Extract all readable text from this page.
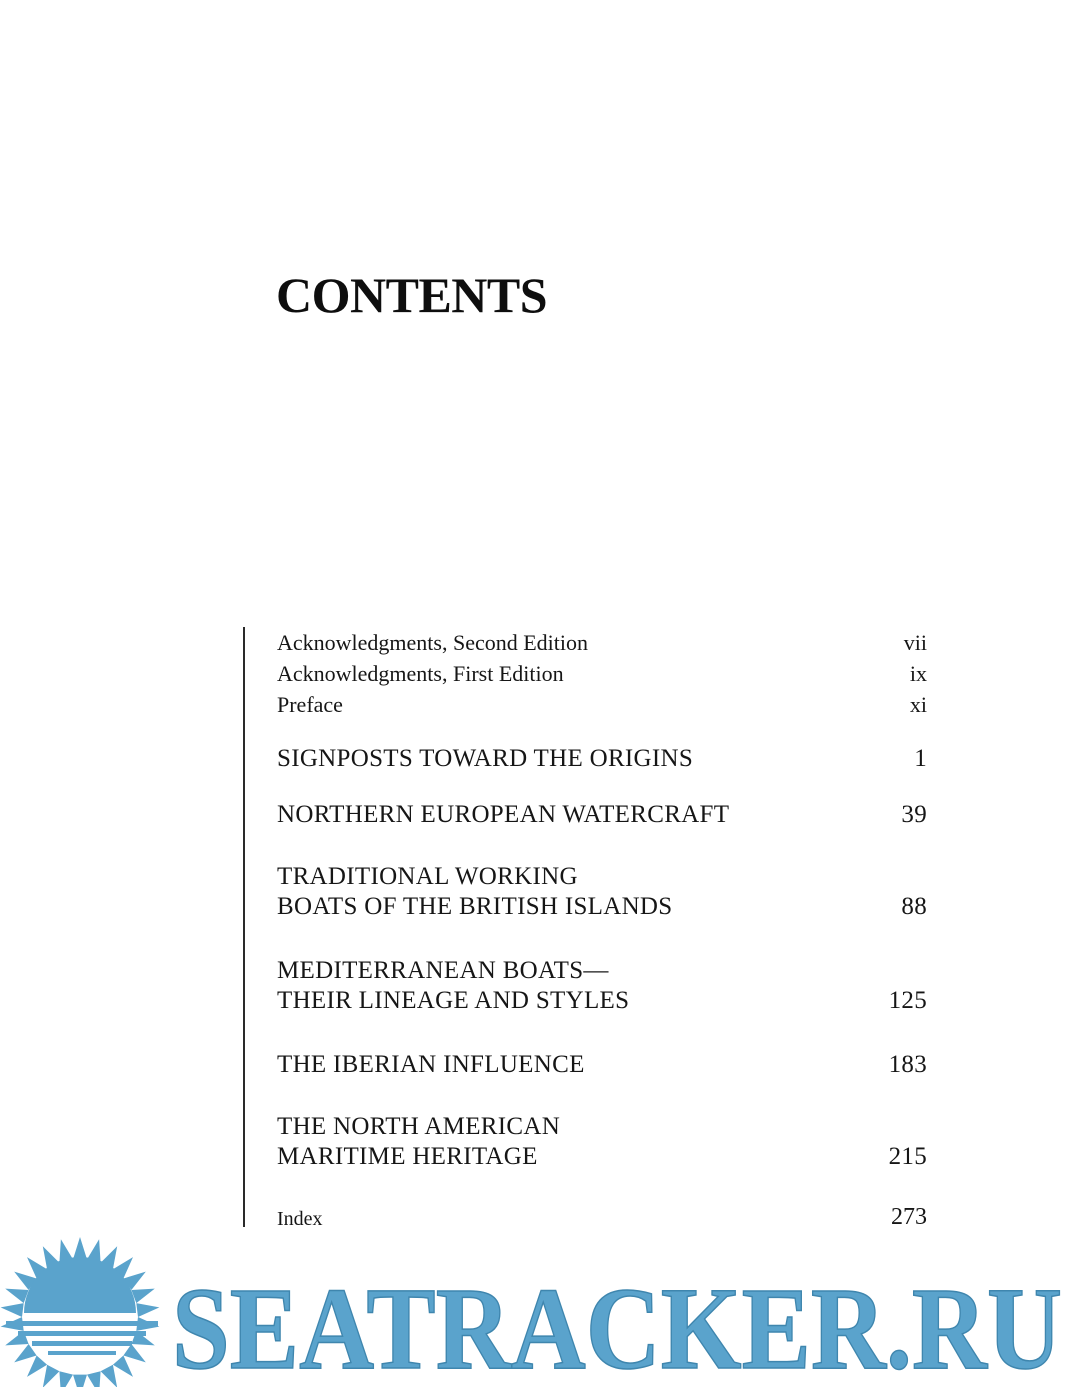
CONTENTS
Acknowledgments, Second Edition	vii
Acknowledgments, First Edition	ix
Preface	xi
SIGNPOSTS TOWARD THE ORIGINS	1
NORTHERN EUROPEAN WATERCRAFT	39
TRADITIONAL WORKING
BOATS OF THE BRITISH ISLANDS	88
MEDITERRANEAN BOATS—
THEIR LINEAGE AND STYLES	125
THE IBERIAN INFLUENCE	183
THE NORTH AMERICAN
MARITIME HERITAGE	215
Index	273
SEATRACKER.RU
